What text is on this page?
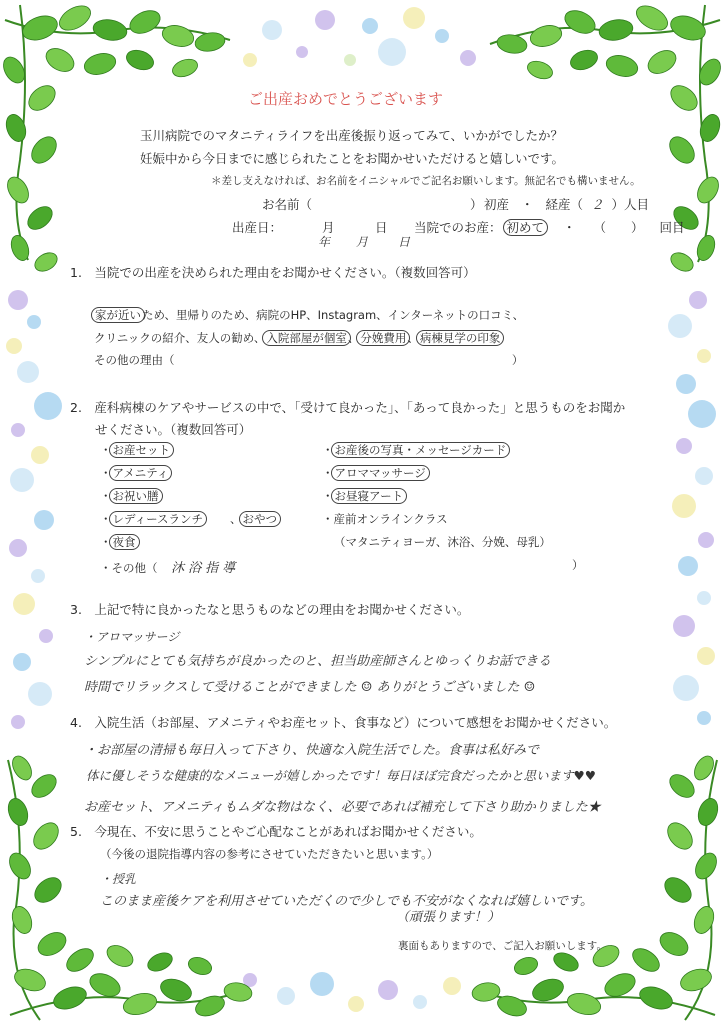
ご出産おめでとうございます
玉川病院でのマタニティライフを出産後振り返ってみて、いかがでしたか？
妊娠中から今日までに感じられたことをお聞かせいただけると嬉しいです。
＊差し支えなければ、お名前をイニシャルでご記名お願いします。無記名でも構いません。
お名前（	） 初産 ・ 経産（ ２ ）人目
出産日：	月	日
年 月 日
当院でのお産： 初めて ・ （　　） 回目
1.　当院での出産を決められた理由をお聞かせください。（複数回答可）
家が近いため、里帰りのため、病院のHP、Instagram、インターネットの口コミ、
クリニックの紹介、友人の勧め、入院部屋が個室、分娩費用、病棟見学の印象
その他の理由（	）
2.　産科病棟のケアやサービスの中で、「受けて良かった」、「あって良かった」と思うものをお聞か
せください。（複数回答可）
・お産セット
・アメニティ
・お祝い膳
・レディースランチ 、おやつ
・夜食
・お産後の写真・メッセージカード
・アロママッサージ
・お昼寝アート
・産前オンラインクラス
（マタニティヨーガ、沐浴、分娩、母乳）
・その他（ 沐浴指導	）
3.　上記で特に良かったなと思うものなどの理由をお聞かせください。
・アロマッサージ
シンプルにとても気持ちが良かったのと、担当助産師さんとゆっくりお話できる
時間でリラックスして受けることができました ☺ ありがとうございました ☺
4.　入院生活（お部屋、アメニティやお産セット、食事など）について感想をお聞かせください。
・お部屋の清掃も毎日入って下さり、快適な入院生活でした。食事は私好みで
体に優しそうな健康的なメニューが嬉しかったです！毎日ほぼ完食だったかと思います♥♥
お産セット、アメニティもムダな物はなく、必要であれば補充して下さり助かりました★
5.　今現在、不安に思うことやご心配なことがあればお聞かせください。
（今後の退院指導内容の参考にさせていただきたいと思います。）
・授乳
このまま産後ケアを利用させていただくので少しでも不安がなくなれば嬉しいです。
（頑張ります！）
裏面もありますので、ご記入お願いします。
